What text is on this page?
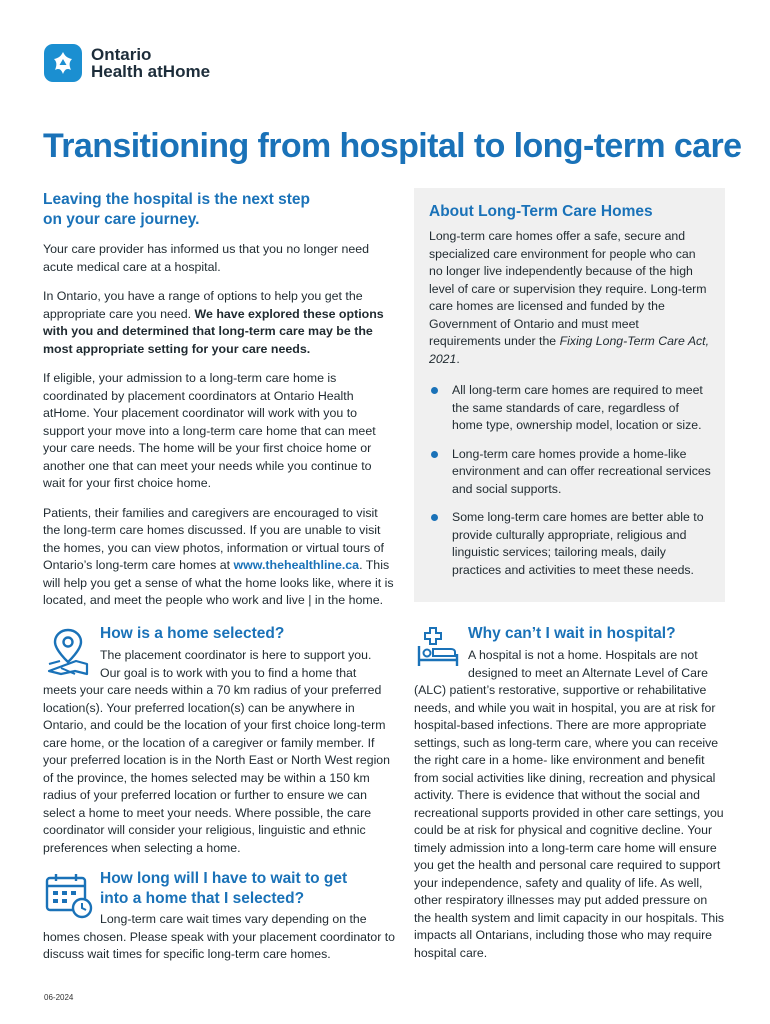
Ontario
Health atHome
Transitioning from hospital to long-term care
Leaving the hospital is the next step
on your care journey.

Your care provider has informed us that you no longer need acute medical care at a hospital.

In Ontario, you have a range of options to help you get the appropriate care you need. We have explored these options with you and determined that long-term care may be the most appropriate setting for your care needs.

If eligible, your admission to a long-term care home is coordinated by placement coordinators at Ontario Health atHome. Your placement coordinator will work with you to support your move into a long-term care home that can meet your care needs. The home will be your first choice home or another one that can meet your needs while you continue to wait for your first choice home.

Patients, their families and caregivers are encouraged to visit the long-term care homes discussed. If you are unable to visit the homes, you can view photos, information or virtual tours of Ontario’s long-term care homes at www.thehealthline.ca. This will help you get a sense of what the home looks like, where it is located, and meet the people who work and live | in the home.

About Long-Term Care Homes

Long-term care homes offer a safe, secure and specialized care environment for people who can no longer live independently because of the high level of care or supervision they require. Long-term care homes are licensed and funded by the Government of Ontario and must meet requirements under the Fixing Long-Term Care Act, 2021.

All long-term care homes are required to meet the same standards of care, regardless of home type, ownership model, location or size.
Long-term care homes provide a home-like environment and can offer recreational services and social supports.
Some long-term care homes are better able to provide culturally appropriate, religious and linguistic services; tailoring meals, daily practices and activities to meet these needs.
How is a home selected?
The placement coordinator is here to support you.
Our goal is to work with you to find a home that

meets your care needs within a 70 km radius of your preferred location(s). Your preferred location(s) can be anywhere in Ontario, and could be the location of your first choice long-term care home, or the location of a caregiver or family member. If your preferred location is in the North East or North West region of the province, the homes selected may be within a 150 km radius of your preferred location or further to ensure we can select a home to meet your needs. Where possible, the care coordinator will consider your religious, linguistic and ethnic preferences when selecting a home.

How long will I have to wait to get
into a home that I selected?
Long-term care wait times vary depending on the

homes chosen. Please speak with your placement coordinator to discuss wait times for specific long-term care homes.

Why can’t I wait in hospital?
A hospital is not a home. Hospitals are not
designed to meet an Alternate Level of Care

(ALC) patient’s restorative, supportive or rehabilitative needs, and while you wait in hospital, you are at risk for hospital-based infections. There are more appropriate settings, such as long-term care, where you can receive the right care in a home- like environment and benefit from social activities like dining, recreation and physical activity. There is evidence that without the social and recreational supports provided in other care settings, you could be at risk for physical and cognitive decline. Your timely admission into a long-term care home will ensure you get the health and personal care required to support your independence, safety and quality of life. As well, other respiratory illnesses may put added pressure on the health system and limit capacity in our hospitals. This impacts all Ontarians, including those who may require hospital care.

06-2024
